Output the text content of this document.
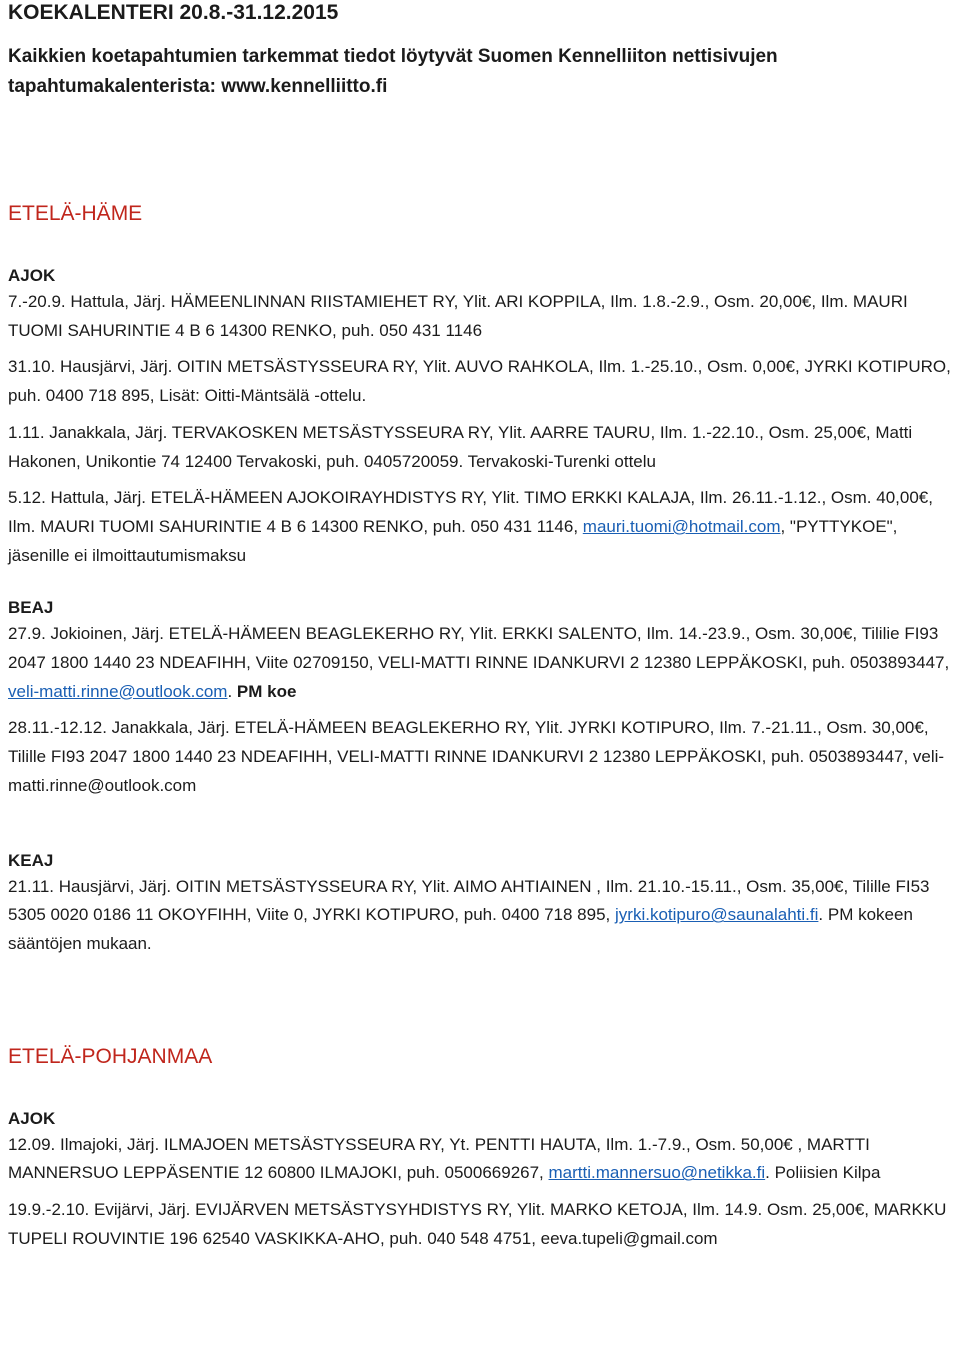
KOEKALENTERI 20.8.-31.12.2015
Kaikkien koetapahtumien tarkemmat tiedot löytyvät Suomen Kennelliiton nettisivujen tapahtumakalenterista: www.kennelliitto.fi
ETELÄ-HÄME
AJOK
7.-20.9. Hattula, Järj. HÄMEENLINNAN RIISTAMIEHET RY, Ylit. ARI KOPPILA, Ilm. 1.8.-2.9., Osm. 20,00€, Ilm. MAURI TUOMI SAHURINTIE 4 B 6 14300 RENKO, puh. 050 431 1146
31.10. Hausjärvi, Järj. OITIN METSÄSTYSSEURA RY, Ylit. AUVO RAHKOLA, Ilm. 1.-25.10., Osm. 0,00€, JYRKI KOTIPURO, puh. 0400 718 895, Lisät: Oitti-Mäntsälä -ottelu.
1.11. Janakkala, Järj. TERVAKOSKEN METSÄSTYSSEURA RY, Ylit. AARRE TAURU, Ilm. 1.-22.10., Osm. 25,00€, Matti Hakonen, Unikontie 74 12400 Tervakoski, puh. 0405720059. Tervakoski-Turenki ottelu
5.12. Hattula, Järj. ETELÄ-HÄMEEN AJOKOIRAYHDISTYS RY, Ylit. TIMO ERKKI KALAJA, Ilm. 26.11.-1.12., Osm. 40,00€, Ilm. MAURI TUOMI SAHURINTIE 4 B 6 14300 RENKO, puh. 050 431 1146, mauri.tuomi@hotmail.com, "PYTTYKOE", jäsenille ei ilmoittautumismaksu
BEAJ
27.9. Jokioinen, Järj. ETELÄ-HÄMEEN BEAGLEKERHO RY, Ylit. ERKKI SALENTO, Ilm. 14.-23.9., Osm. 30,00€, Tililie FI93 2047 1800 1440 23 NDEAFIHH, Viite 02709150, VELI-MATTI RINNE IDANKURVI 2 12380 LEPPÄKOSKI, puh. 0503893447, veli-matti.rinne@outlook.com. PM koe
28.11.-12.12. Janakkala, Järj. ETELÄ-HÄMEEN BEAGLEKERHO RY, Ylit. JYRKI KOTIPURO, Ilm. 7.-21.11., Osm. 30,00€, Tilille FI93 2047 1800 1440 23 NDEAFIHH, VELI-MATTI RINNE IDANKURVI 2 12380 LEPPÄKOSKI, puh. 0503893447, veli-matti.rinne@outlook.com
KEAJ
21.11. Hausjärvi, Järj. OITIN METSÄSTYSSEURA RY, Ylit. AIMO AHTIAINEN , Ilm. 21.10.-15.11., Osm. 35,00€, Tilille FI53 5305 0020 0186 11 OKOYFIHH, Viite 0, JYRKI KOTIPURO, puh. 0400 718 895, jyrki.kotipuro@saunalahti.fi. PM kokeen sääntöjen mukaan.
ETELÄ-POHJANMAA
AJOK
12.09. Ilmajoki, Järj. ILMAJOEN METSÄSTYSSEURA RY, Yt. PENTTI HAUTA, Ilm. 1.-7.9., Osm. 50,00€ , MARTTI MANNERSUO LEPPÄSENTIE 12 60800 ILMAJOKI, puh. 0500669267, martti.mannersuo@netikka.fi. Poliisien Kilpa
19.9.-2.10. Evijärvi, Järj. EVIJÄRVEN METSÄSTYSYHDISTYS RY, Ylit. MARKO KETOJA, Ilm. 14.9. Osm. 25,00€, MARKKU TUPELI ROUVINTIE 196 62540 VASKIKKA-AHO, puh. 040 548 4751, eeva.tupeli@gmail.com
